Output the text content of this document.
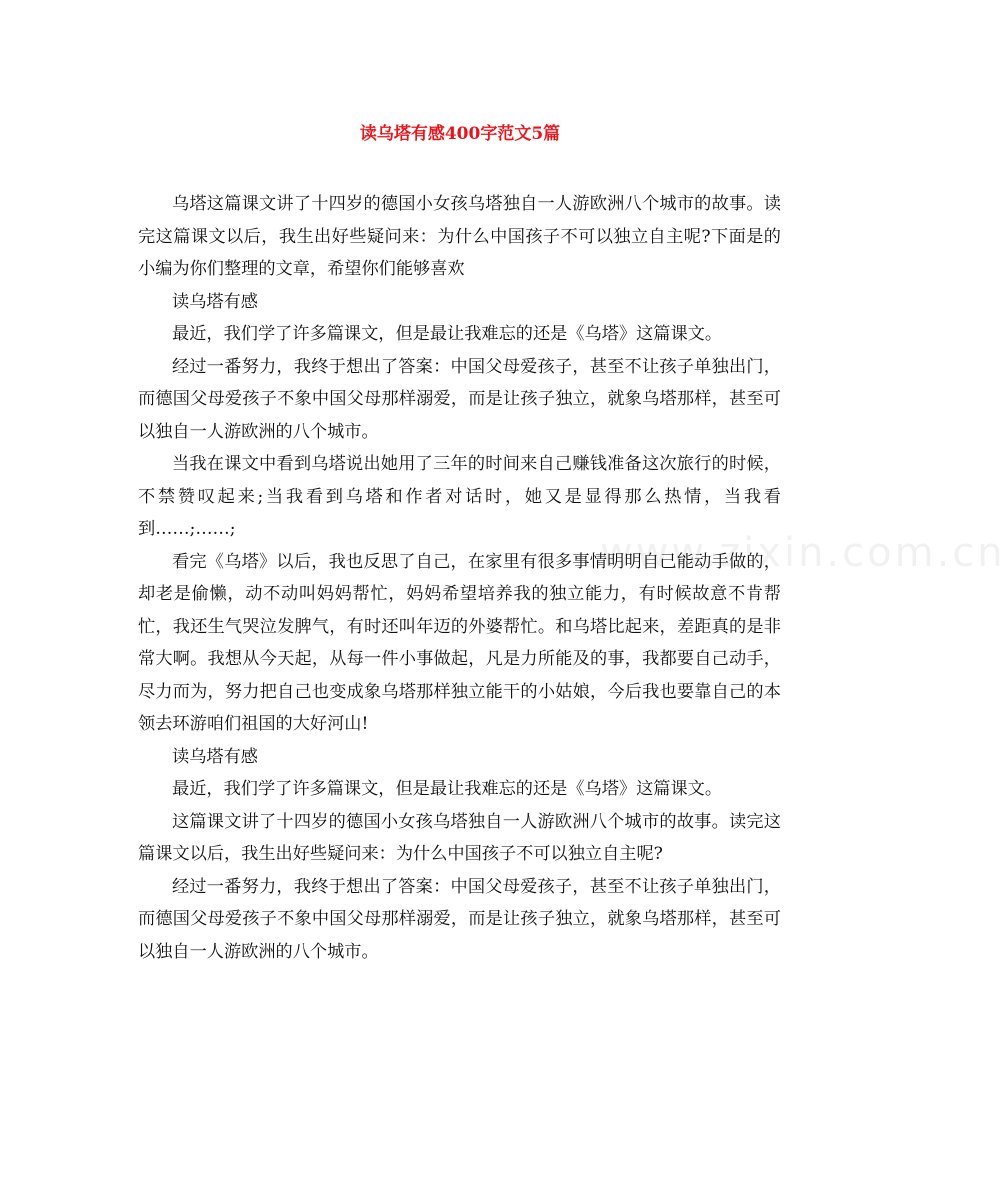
读乌塔有感400字范文5篇

乌塔这篇课文讲了十四岁的德国小女孩乌塔独自一人游欧洲八个城市的故事。读完这篇课文以后，我生出好些疑问来：为什么中国孩子不可以独立自主呢?下面是的小编为你们整理的文章，希望你们能够喜欢

读乌塔有感

最近，我们学了许多篇课文，但是最让我难忘的还是《乌塔》这篇课文。

经过一番努力，我终于想出了答案：中国父母爱孩子，甚至不让孩子单独出门，而德国父母爱孩子不象中国父母那样溺爱，而是让孩子独立，就象乌塔那样，甚至可以独自一人游欧洲的八个城市。

当我在课文中看到乌塔说出她用了三年的时间来自己赚钱准备这次旅行的时候，不禁赞叹起来;当我看到乌塔和作者对话时，她又是显得那么热情，当我看到……;……;

看完《乌塔》以后，我也反思了自己，在家里有很多事情明明自己能动手做的，却老是偷懒，动不动叫妈妈帮忙，妈妈希望培养我的独立能力，有时候故意不肯帮忙，我还生气哭泣发脾气，有时还叫年迈的外婆帮忙。和乌塔比起来，差距真的是非常大啊。我想从今天起，从每一件小事做起，凡是力所能及的事，我都要自己动手，尽力而为，努力把自己也变成象乌塔那样独立能干的小姑娘，今后我也要靠自己的本领去环游咱们祖国的大好河山!

读乌塔有感

最近，我们学了许多篇课文，但是最让我难忘的还是《乌塔》这篇课文。

这篇课文讲了十四岁的德国小女孩乌塔独自一人游欧洲八个城市的故事。读完这篇课文以后，我生出好些疑问来：为什么中国孩子不可以独立自主呢?

经过一番努力，我终于想出了答案：中国父母爱孩子，甚至不让孩子单独出门，而德国父母爱孩子不象中国父母那样溺爱，而是让孩子独立，就象乌塔那样，甚至可以独自一人游欧洲的八个城市。

www.zixin.com.cn
